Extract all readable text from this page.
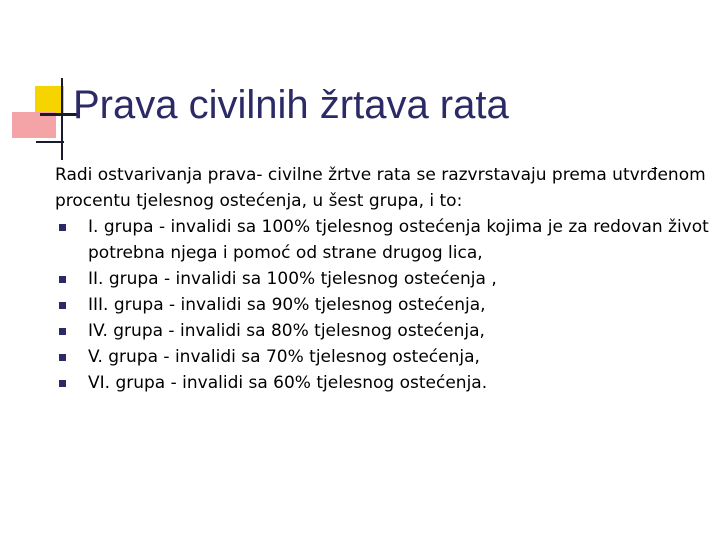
Prava civilnih žrtava rata

Radi ostvarivanja prava- civilne žrtve rata se razvrstavaju prema utvrđenom procentu tjelesnog ostećenja, u šest grupa, i to:

I. grupa - invalidi sa 100% tjelesnog ostećenja kojima je za redovan život potrebna njega i pomoć od strane drugog lica,
II. grupa - invalidi sa 100% tjelesnog ostećenja ,
III. grupa - invalidi sa 90% tjelesnog ostećenja,
IV. grupa - invalidi sa 80% tjelesnog ostećenja,
V. grupa - invalidi sa 70% tjelesnog ostećenja,
VI. grupa - invalidi sa 60% tjelesnog ostećenja.
